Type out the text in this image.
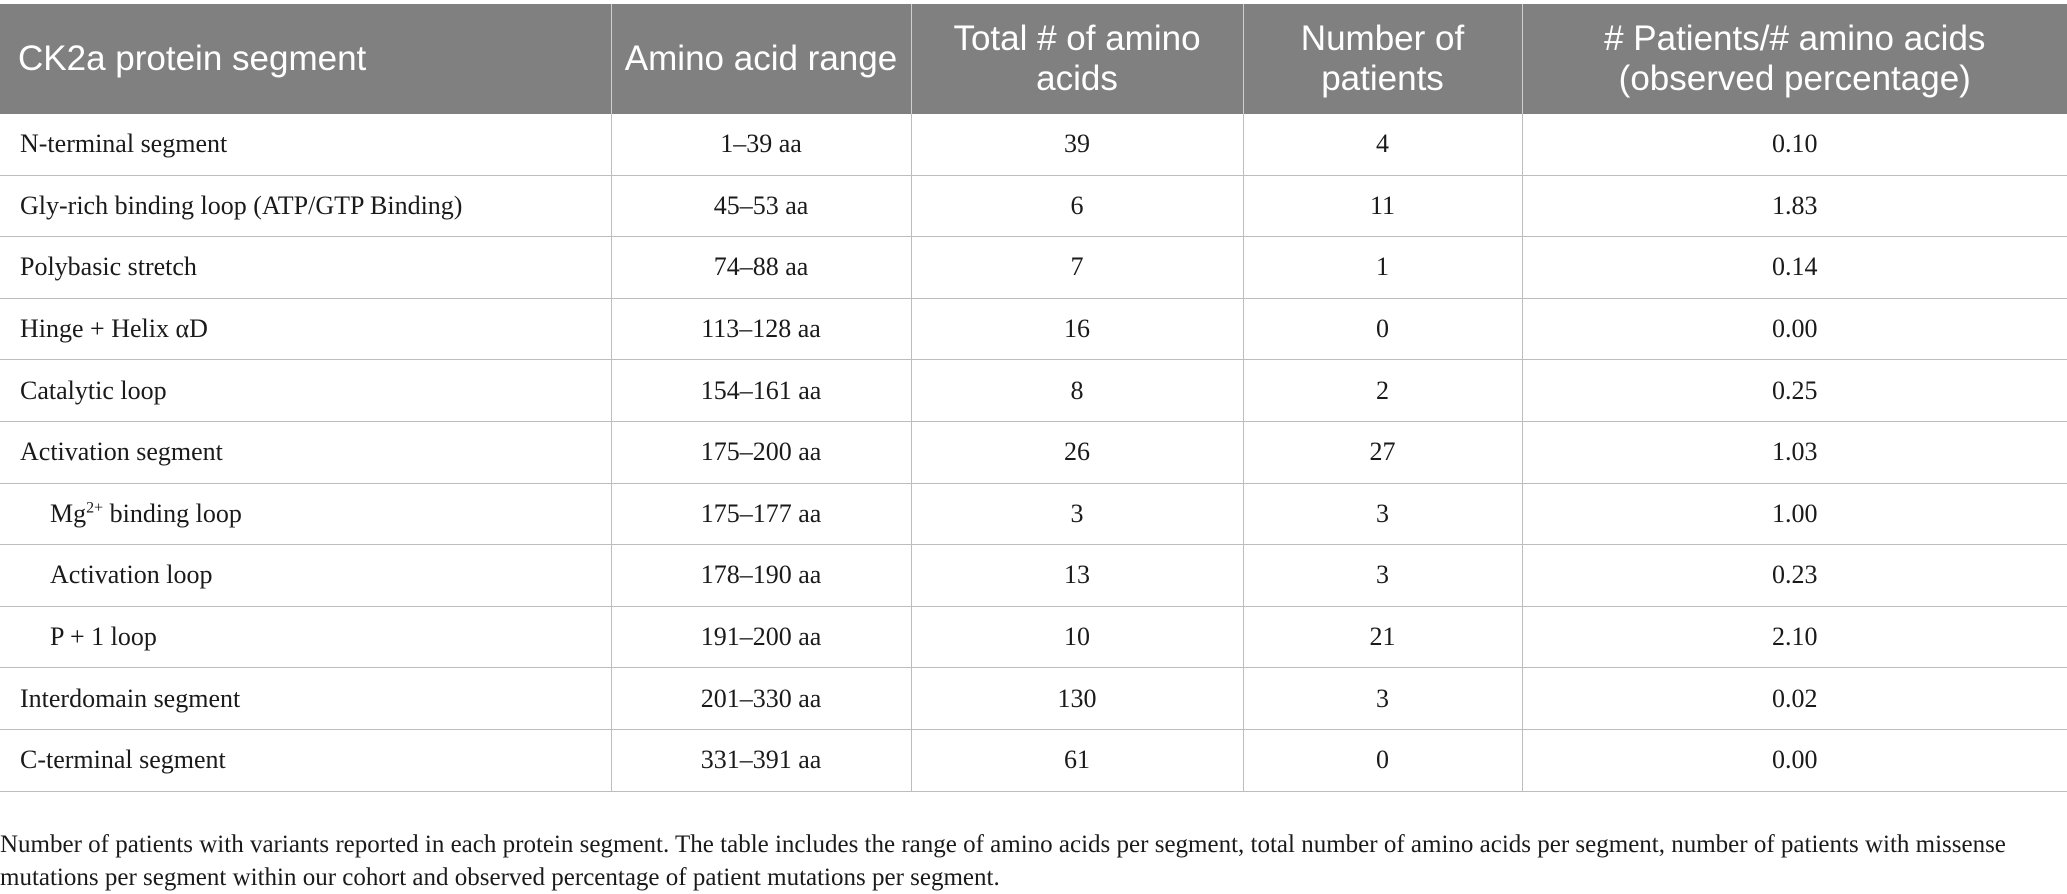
CK2a protein segment	Amino acid range	Total # of amino acids	Number of patients	# Patients/# amino acids (observed percentage)
N-terminal segment	1–39 aa	39	4	0.10
Gly-rich binding loop (ATP/GTP Binding)	45–53 aa	6	11	1.83
Polybasic stretch	74–88 aa	7	1	0.14
Hinge + Helix αD	113–128 aa	16	0	0.00
Catalytic loop	154–161 aa	8	2	0.25
Activation segment	175–200 aa	26	27	1.03
$Mg^{2+}$ binding loop	175–177 aa	3	3	1.00
Activation loop	178–190 aa	13	3	0.23
P + 1 loop	191–200 aa	10	21	2.10
Interdomain segment	201–330 aa	130	3	0.02
C-terminal segment	331–391 aa	61	0	0.00

Number of patients with variants reported in each protein segment. The table includes the range of amino acids per segment, total number of amino acids per segment, number of patients with missense mutations per segment within our cohort and observed percentage of patient mutations per segment.
